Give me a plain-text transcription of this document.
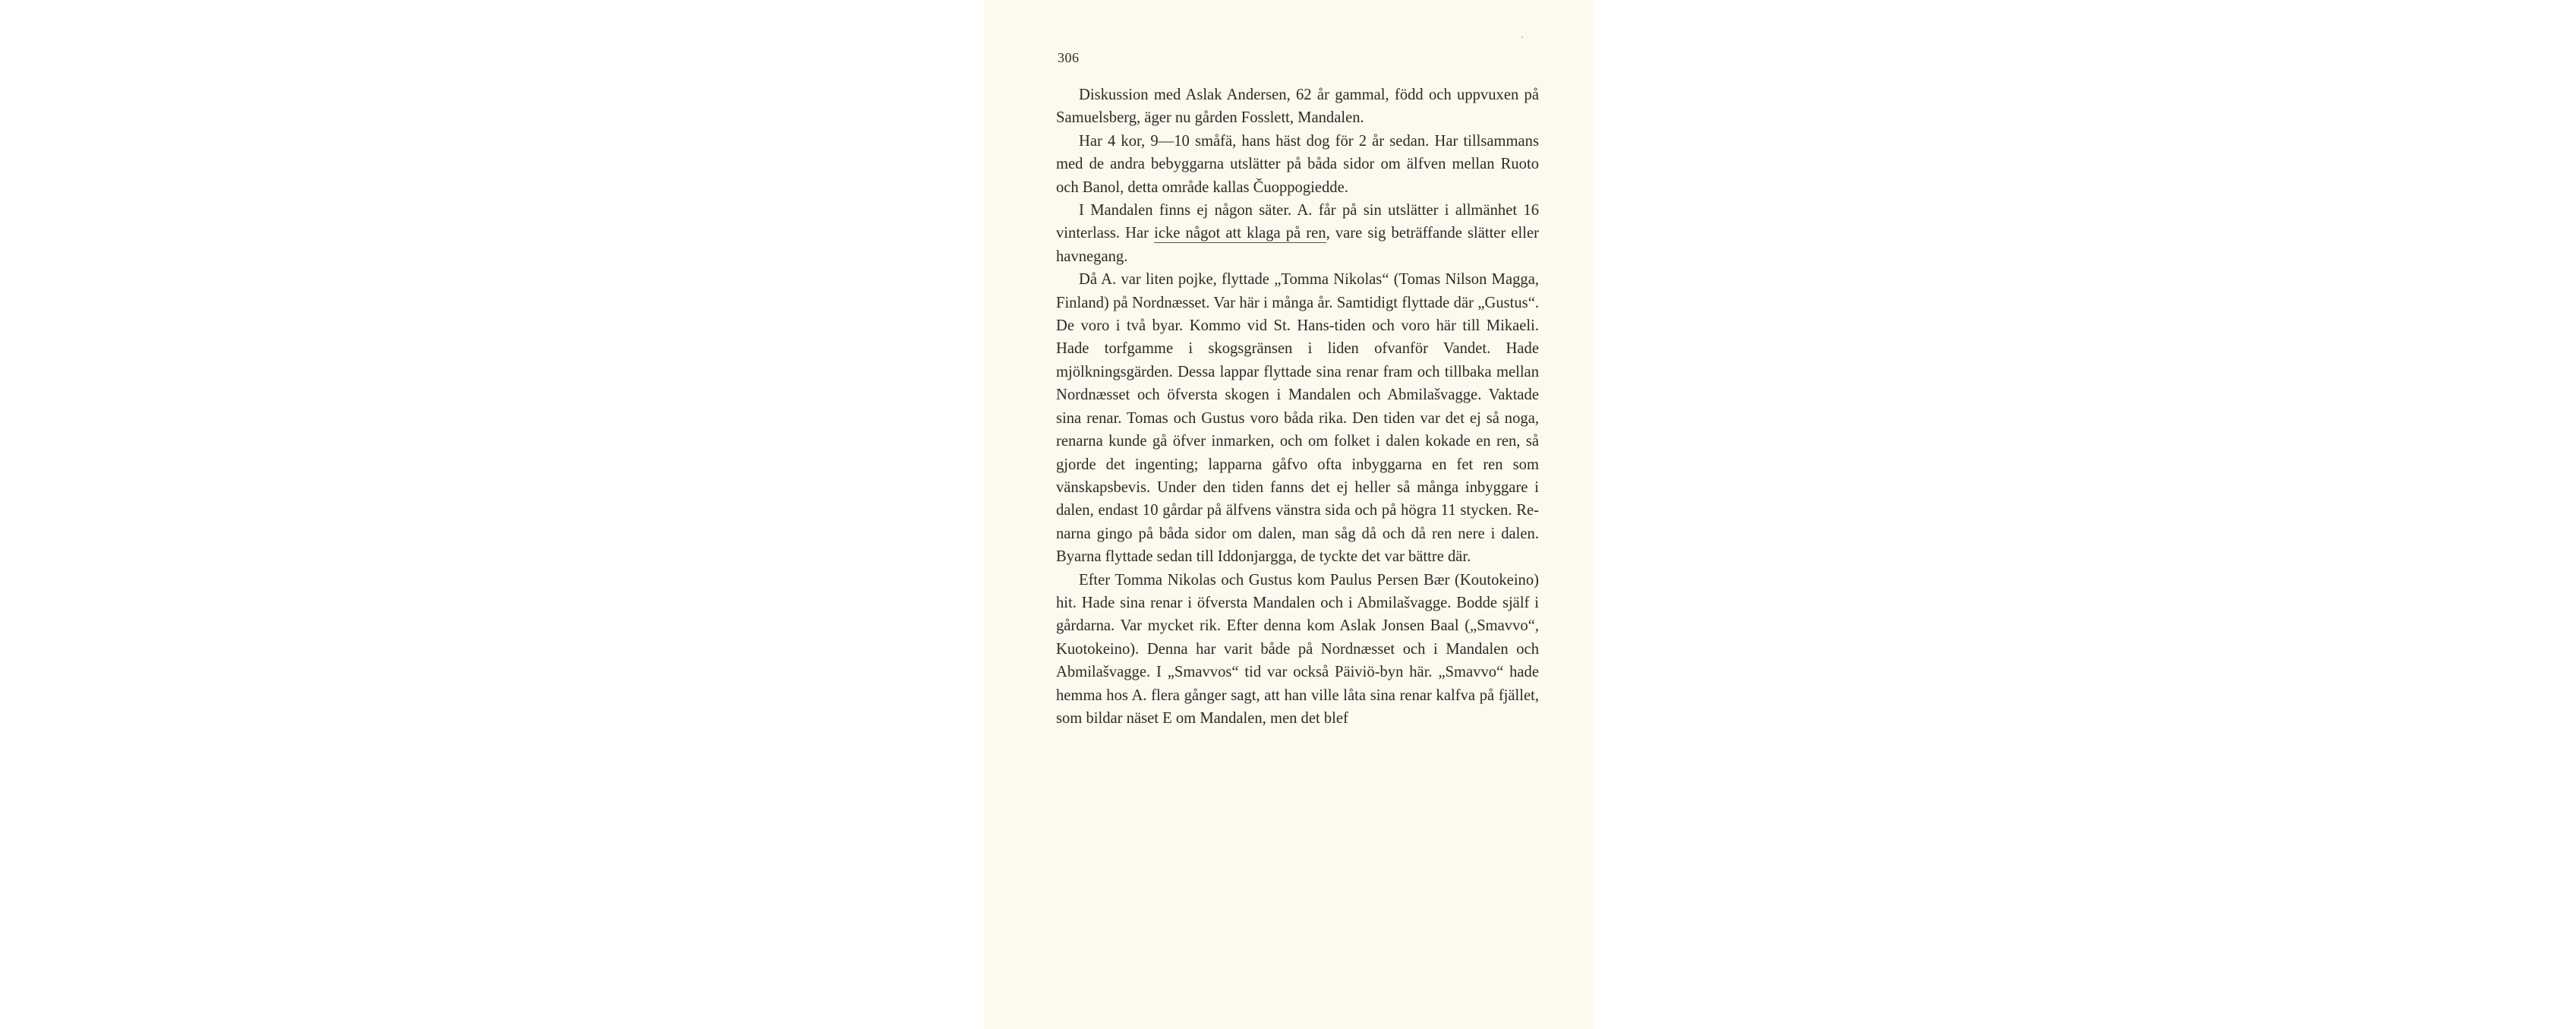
306

Diskussion med Aslak Andersen, 62 år gammal, född och uppvuxen på Samuelsberg, äger nu gården Fosslett, Mandalen.

Har 4 kor, 9—10 småfä, hans häst dog för 2 år sedan. Har tillsammans med de andra bebyggarna utslätter på båda sidor om älfven mellan Ruoto och Banol, detta område kallas Čuoppogiedde.

I Mandalen finns ej någon säter. A. får på sin utslätter i allmänhet 16 vinterlass. Har icke något att klaga på ren, vare sig beträffande slätter eller havnegang.

Då A. var liten pojke, flyttade „Tomma Nikolas“ (Tomas Nilson Magga, Finland) på Nordnæsset. Var här i många år. Samtidigt flyttade där „Gustus“. De voro i två byar. Kommo vid St. Hans-tiden och voro här till Mikaeli. Hade torfgamme i skogsgränsen i liden ofvanför Vandet. Hade mjölkningsgärden. Dessa lappar flyttade sina renar fram och tillbaka mellan Nordnæsset och öfversta skogen i Mandalen och Abmilašvagge. Vaktade sina renar. Tomas och Gustus voro båda rika. Den tiden var det ej så noga, renarna kunde gå öfver inmarken, och om folket i dalen kokade en ren, så gjorde det ingenting; lapparna gåfvo ofta inbyggarna en fet ren som vänskapsbevis. Under den tiden fanns det ej heller så många inbyggare i dalen, endast 10 gårdar på älfvens vänstra sida och på högra 11 stycken. Renarna gingo på båda sidor om dalen, man såg då och då ren nere i dalen. Byarna flyttade sedan till Iddonjargga, de tyckte det var bättre där.

Efter Tomma Nikolas och Gustus kom Paulus Persen Bær (Koutokeino) hit. Hade sina renar i öfversta Mandalen och i Abmilašvagge. Bodde själf i gårdarna. Var mycket rik. Efter denna kom Aslak Jonsen Baal („Smavvo“, Kuotokeino). Denna har varit både på Nordnæsset och i Mandalen och Abmilašvagge. I „Smavvos“ tid var också Päiviö-byn här. „Smavvo“ hade hemma hos A. flera gånger sagt, att han ville låta sina renar kalfva på fjället, som bildar näset E om Mandalen, men det blef
